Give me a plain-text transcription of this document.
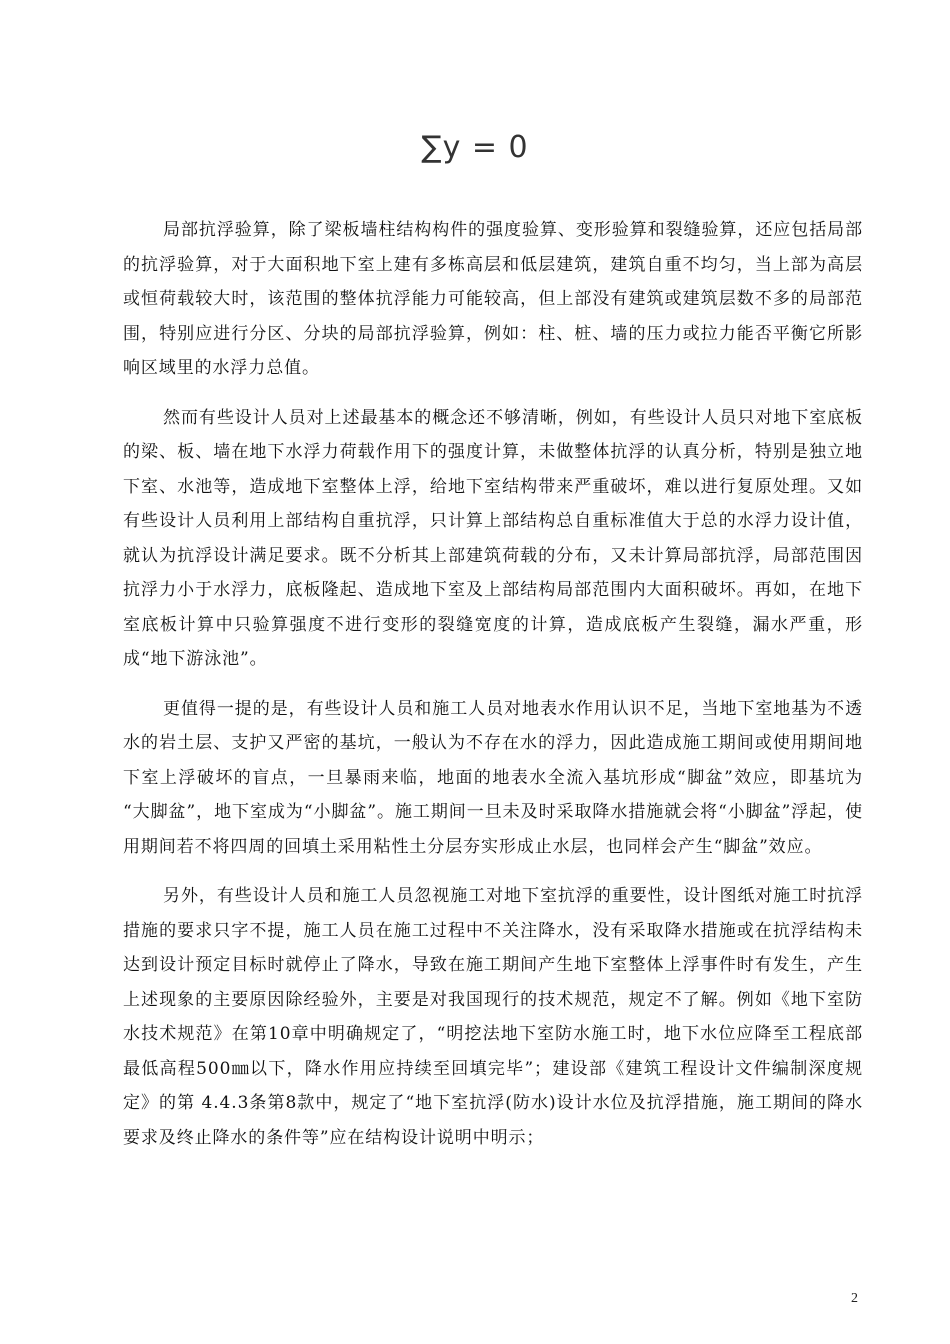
∑y = 0

局部抗浮验算，除了梁板墙柱结构构件的强度验算、变形验算和裂缝验算，还应包括局部的抗浮验算，对于大面积地下室上建有多栋高层和低层建筑，建筑自重不均匀，当上部为高层或恒荷载较大时，该范围的整体抗浮能力可能较高，但上部没有建筑或建筑层数不多的局部范围，特别应进行分区、分块的局部抗浮验算，例如：柱、桩、墙的压力或拉力能否平衡它所影响区域里的水浮力总值。

然而有些设计人员对上述最基本的概念还不够清晰，例如，有些设计人员只对地下室底板的梁、板、墙在地下水浮力荷载作用下的强度计算，未做整体抗浮的认真分析，特别是独立地下室、水池等，造成地下室整体上浮，给地下室结构带来严重破坏，难以进行复原处理。又如有些设计人员利用上部结构自重抗浮，只计算上部结构总自重标准值大于总的水浮力设计值，就认为抗浮设计满足要求。既不分析其上部建筑荷载的分布，又未计算局部抗浮，局部范围因抗浮力小于水浮力，底板隆起、造成地下室及上部结构局部范围内大面积破坏。再如，在地下室底板计算中只验算强度不进行变形的裂缝宽度的计算，造成底板产生裂缝，漏水严重，形成“地下游泳池”。

更值得一提的是，有些设计人员和施工人员对地表水作用认识不足，当地下室地基为不透水的岩土层、支护又严密的基坑，一般认为不存在水的浮力，因此造成施工期间或使用期间地下室上浮破坏的盲点，一旦暴雨来临，地面的地表水全流入基坑形成“脚盆”效应，即基坑为 “大脚盆”，地下室成为“小脚盆”。施工期间一旦未及时采取降水措施就会将“小脚盆”浮起，使用期间若不将四周的回填土采用粘性土分层夯实形成止水层，也同样会产生“脚盆”效应。

另外，有些设计人员和施工人员忽视施工对地下室抗浮的重要性，设计图纸对施工时抗浮措施的要求只字不提，施工人员在施工过程中不关注降水，没有采取降水措施或在抗浮结构未达到设计预定目标时就停止了降水，导致在施工期间产生地下室整体上浮事件时有发生，产生上述现象的主要原因除经验外，主要是对我国现行的技术规范，规定不了解。例如《地下室防水技术规范》在第10章中明确规定了，“明挖法地下室防水施工时，地下水位应降至工程底部最低高程500㎜以下，降水作用应持续至回填完毕”；建设部《建筑工程设计文件编制深度规定》的第 4.4.3条第8款中，规定了“地下室抗浮(防水)设计水位及抗浮措施，施工期间的降水要求及终止降水的条件等”应在结构设计说明中明示；

2
